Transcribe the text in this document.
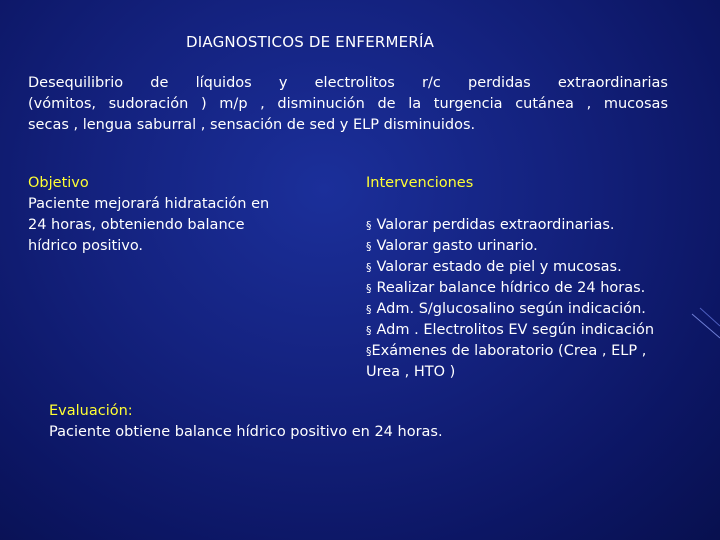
DIAGNOSTICOS DE ENFERMERÍA
Desequilibrio de líquidos y electrolitos r/c perdidas extraordinarias
(vómitos, sudoración ) m/p , disminución de la turgencia cutánea , mucosas
secas , lengua saburral , sensación de sed y ELP disminuidos.
Objetivo
Paciente mejorará hidratación en
24 horas, obteniendo balance
hídrico positivo.
Intervenciones
§ Valorar perdidas extraordinarias.
§ Valorar gasto urinario.
§ Valorar estado de piel y mucosas.
§ Realizar balance hídrico de 24 horas.
§ Adm. S/glucosalino según indicación.
§ Adm . Electrolitos EV según indicación
§Exámenes de laboratorio (Crea , ELP ,
Urea , HTO )
Evaluación:
Paciente obtiene balance hídrico positivo en 24 horas.
